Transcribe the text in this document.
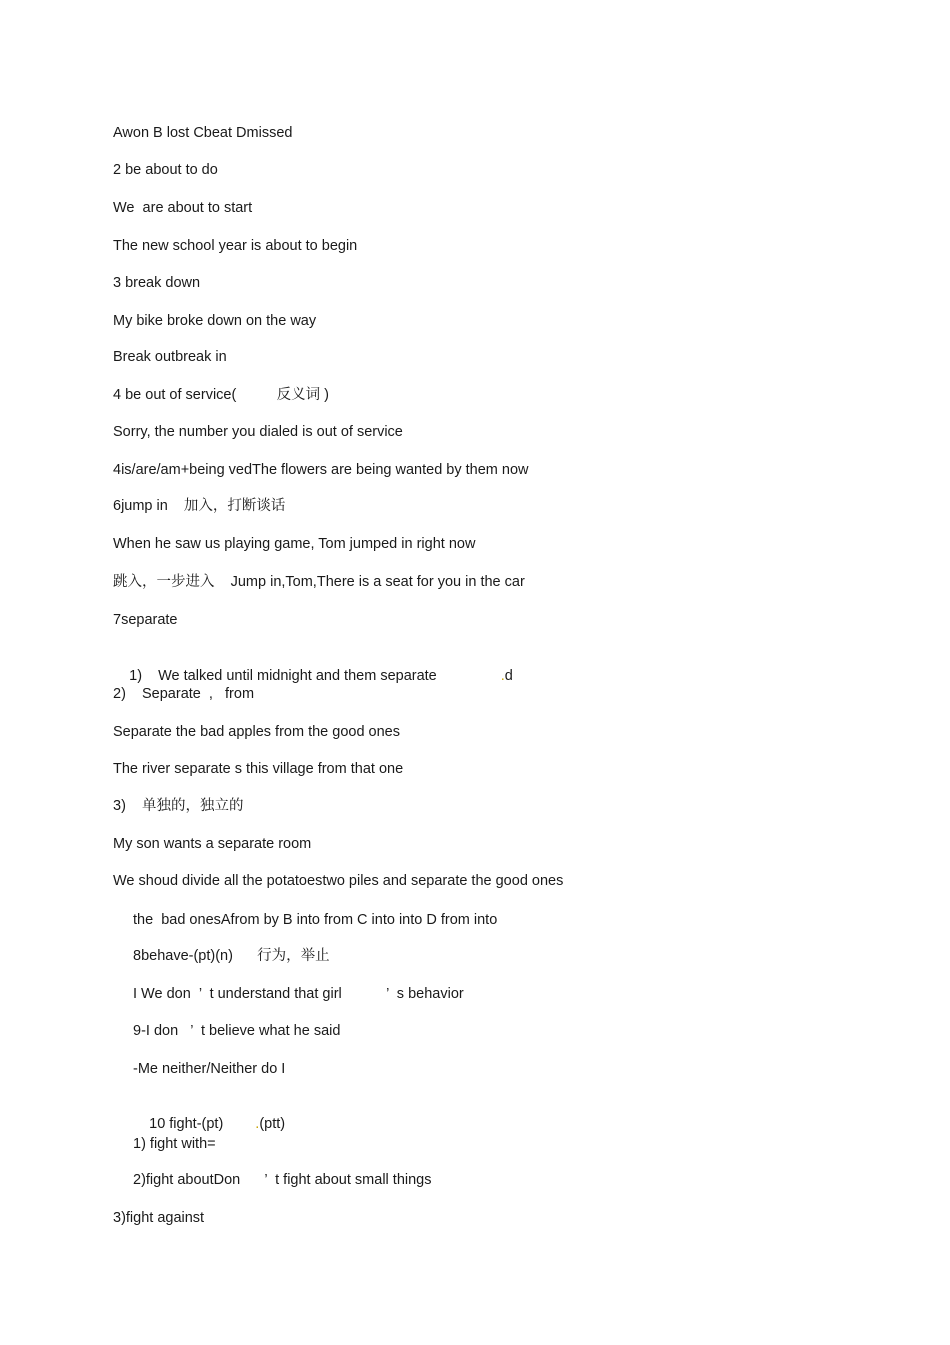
Awon B lost Cbeat Dmissed
2 be about to do
We  are about to start
The new school year is about to begin
3 break down
My bike broke down on the way
Break outbreak in
4 be out of service(          反义词 )
Sorry, the number you dialed is out of service
4is/are/am+being vedThe flowers are being wanted by them now
6jump in    加入，打断谈话
When he saw us playing game, Tom jumped in right now
跳入，一步进入    Jump in,Tom,There is a seat for you in the car
7separate

1)    We talked until midnight and them separate	.d

2)    Separate  ,   from
Separate the bad apples from the good ones
The river separate s this village from that one
3)    单独的，独立的
My son wants a separate room
We shoud divide all the potatoestwo piles and separate the good ones
the  bad onesAfrom by B into from C into into D from into
8behave-(pt)(n)      行为，举止
I We don  ’  t understand that girl           ’  s behavior
9-I don   ’  t believe what he said
-Me neither/Neither do I

10 fight-(pt) .(ptt)

1) fight with=
2)fight aboutDon      ’  t fight about small things
3)fight against
